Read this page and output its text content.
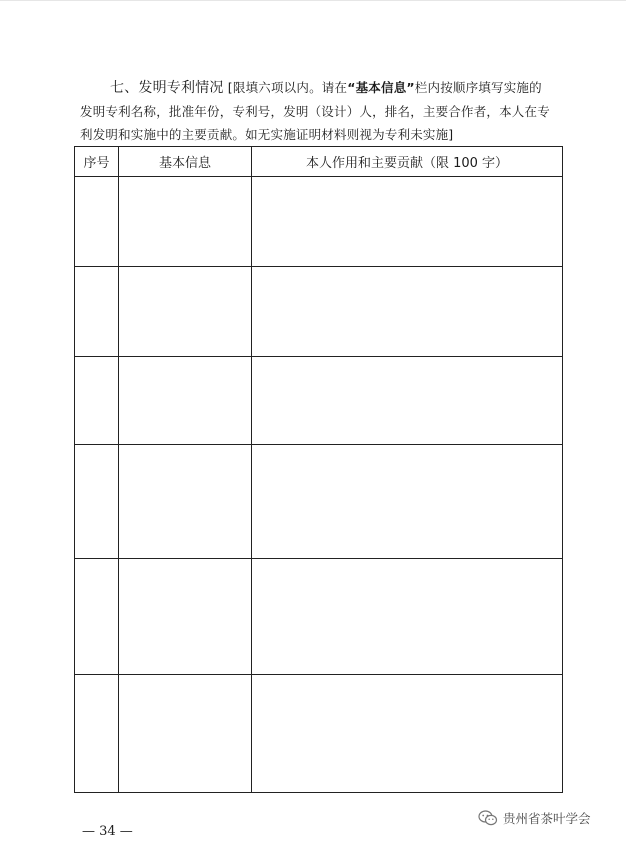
七、发明专利情况 [限填六项以内。请在“基本信息”栏内按顺序填写实施的发明专利名称，批准年份，专利号，发明（设计）人，排名，主要合作者，本人在专利发明和实施中的主要贡献。如无实施证明材料则视为专利未实施]
序号	基本信息	本人作用和主要贡献（限 100 字）

— 34 —
贵州省茶叶学会
